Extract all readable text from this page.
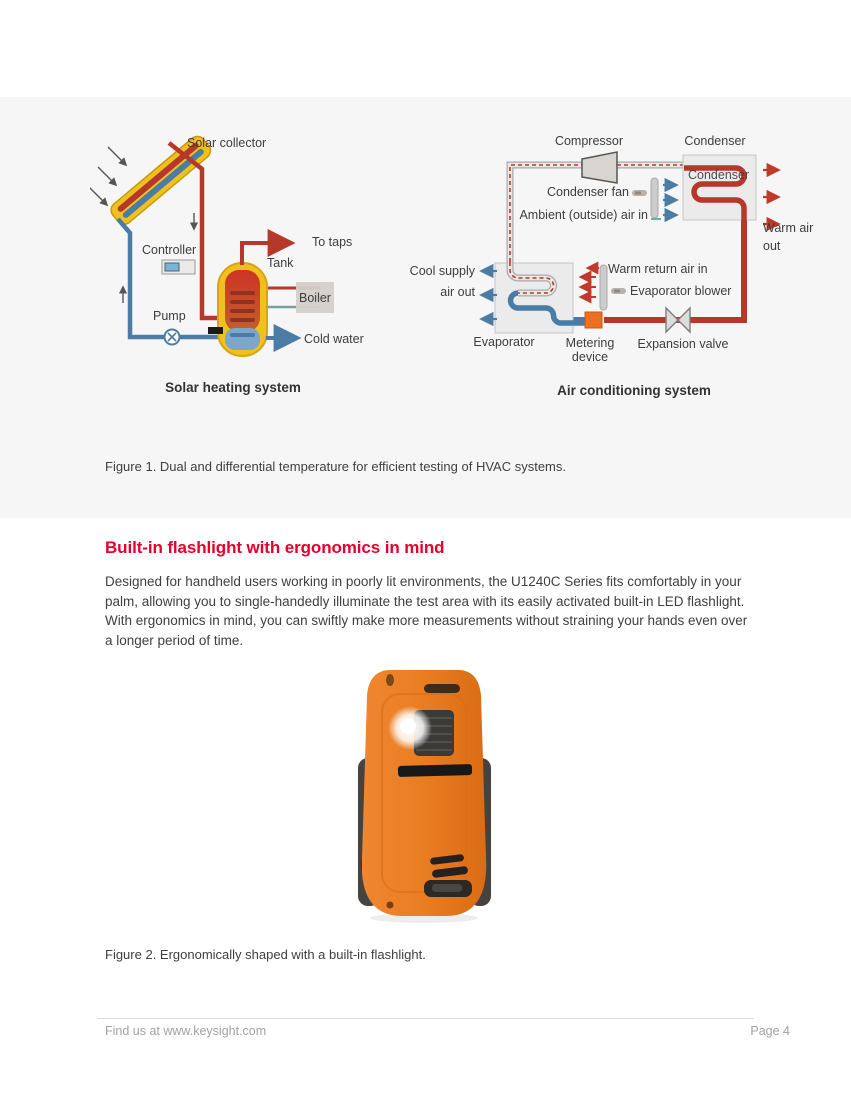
Solar collector
Controller
Tank
To taps
Boiler
Pump
Cold water
Solar heating system
Condenser
Compressor	Condenser
Condenser fan
Ambient (outside) air in
Warm air
out
Cool supply
air out
Warm return air in
Evaporator blower
Evaporator Metering
device
Expansion valve
Air conditioning system
Figure 1. Dual and differential temperature for efficient testing of HVAC systems.
Built-in flashlight with ergonomics in mind
Designed for handheld users working in poorly lit environments, the U1240C Series fits comfortably in your palm, allowing you to single-handedly illuminate the test area with its easily activated built-in LED flashlight. With ergonomics in mind, you can swiftly make more measurements without straining your hands even over a longer period of time.
Figure 2. Ergonomically shaped with a built-in flashlight.
Find us at www.keysight.com	Page 4
